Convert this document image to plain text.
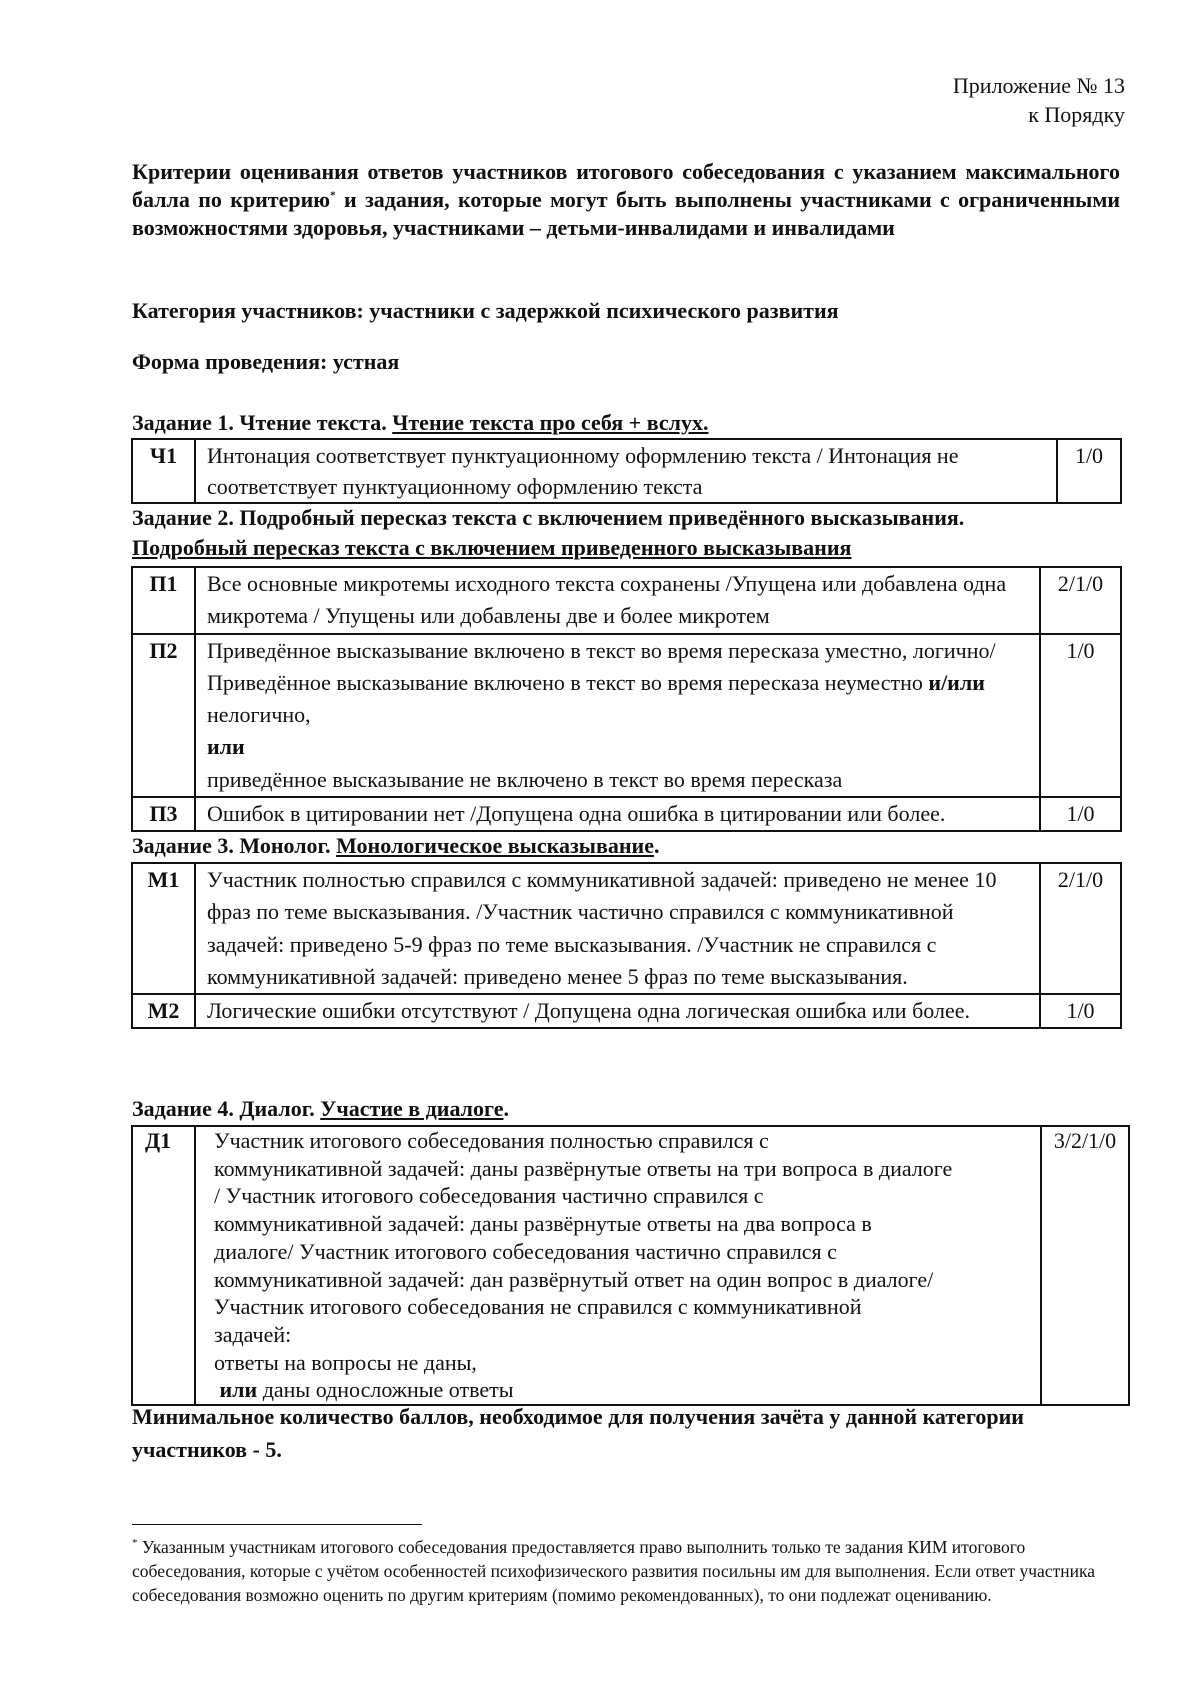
Приложение № 13
к Порядку
Критерии оценивания ответов участников итогового собеседования с указанием максимального балла по критерию* и задания, которые могут быть выполнены участниками с ограниченными возможностями здоровья, участниками – детьми-инвалидами и инвалидами
Категория участников: участники с задержкой психического развития
Форма проведения: устная
Задание 1. Чтение текста. Чтение текста про себя + вслух.
Ч1	Интонация соответствует пунктуационному оформлению текста / Интонация не соответствует пунктуационному оформлению текста	1/0
Задание 2. Подробный пересказ текста с включением приведённого высказывания.
Подробный пересказ текста с включением приведенного высказывания
П1	Все основные микротемы исходного текста сохранены /Упущена или добавлена одна микротема / Упущены или добавлены две и более микротем	2/1/0
П2	Приведённое высказывание включено в текст во время пересказа уместно, логично/ Приведённое высказывание включено в текст во время пересказа неуместно и/или нелогично,
или
приведённое высказывание не включено в текст во время пересказа	1/0
П3	Ошибок в цитировании нет /Допущена одна ошибка в цитировании или более.	1/0
Задание 3. Монолог. Монологическое высказывание.
М1	Участник полностью справился с коммуникативной задачей: приведено не менее 10 фраз по теме высказывания. /Участник частично справился с коммуникативной задачей: приведено 5-9 фраз по теме высказывания. /Участник не справился с коммуникативной задачей: приведено менее 5 фраз по теме высказывания.	2/1/0
М2	Логические ошибки отсутствуют / Допущена одна логическая ошибка или более.	1/0
Задание 4. Диалог. Участие в диалоге.
Д1	Участник итогового собеседования полностью справился с
коммуникативной задачей: даны развёрнутые ответы на три вопроса в диалоге
/ Участник итогового собеседования частично справился с
коммуникативной задачей: даны развёрнутые ответы на два вопроса в
диалоге/ Участник итогового собеседования частично справился с
коммуникативной задачей: дан развёрнутый ответ на один вопрос в диалоге/
Участник итогового собеседования не справился с коммуникативной
задачей:
ответы на вопросы не даны,
или даны односложные ответы	3/2/1/0
Минимальное количество баллов, необходимое для получения зачёта у данной категории участников - 5.
* Указанным участникам итогового собеседования предоставляется право выполнить только те задания КИМ итогового собеседования, которые с учётом особенностей психофизического развития посильны им для выполнения. Если ответ участника собеседования возможно оценить по другим критериям (помимо рекомендованных), то они подлежат оцениванию.
